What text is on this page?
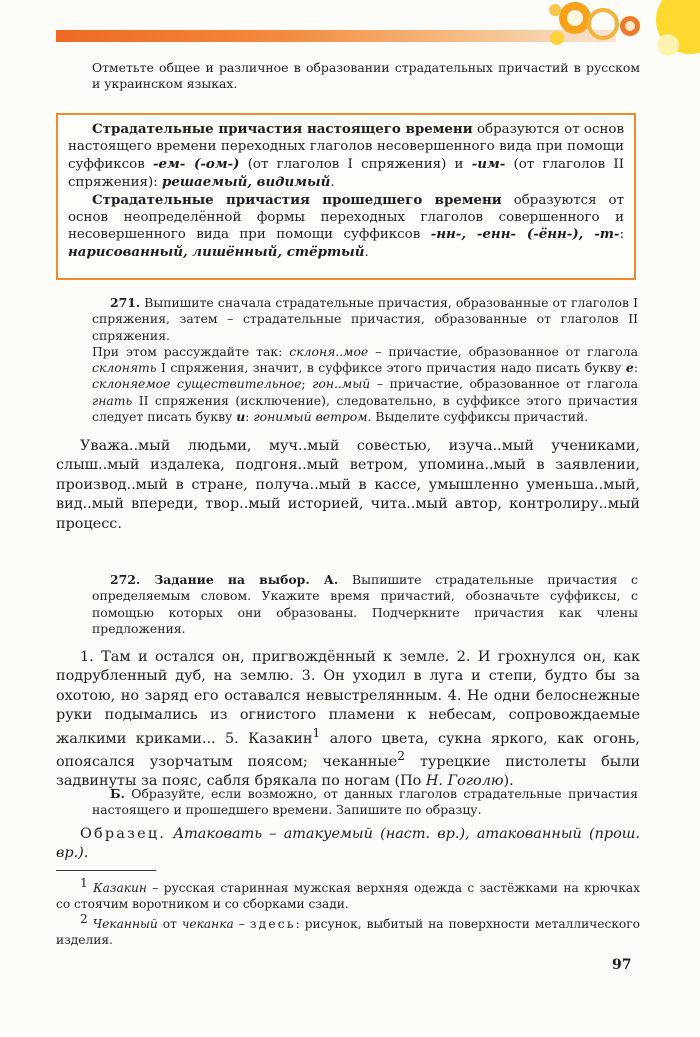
Отметьте общее и различное в образовании страдательных причастий в русском и украинском языках.

Страдательные причастия настоящего времени образуются от основ настоящего времени переходных глаголов несовершенного вида при помощи суффиксов -ем- (-ом-) (от глаголов I спряжения) и -им- (от глаголов II спряжения): решаемый, видимый.

Страдательные причастия прошедшего времени образуются от основ неопределённой формы переходных глаголов совершенного и несовершенного вида при помощи суффиксов -нн-, -енн- (-ённ-), -т-: нарисованный, лишённый, стёртый.

271. Выпишите сначала страдательные причастия, образованные от глаголов I спряжения, затем – страдательные причастия, образованные от глаголов II спряжения.

При этом рассуждайте так: склоня..мое – причастие, образованное от глагола склонять I спряжения, значит, в суффиксе этого причастия надо писать букву е: склоняемое существительное; гон..мый – причастие, образованное от глагола гнать II спряжения (исключение), следовательно, в суффиксе этого причастия следует писать букву и: гонимый ветром. Выделите суффиксы причастий.

Уважа..мый людьми, муч..мый совестью, изуча..мый учениками, слыш..мый издалека, подгоня..мый ветром, упомина..мый в заявлении, производ..мый в стране, получа..мый в кассе, умышленно уменьша..мый, вид..мый впереди, твор..мый историей, чита..мый автор, контролиру..мый процесс.

272. Задание на выбор. А. Выпишите страдательные причастия с определяемым словом. Укажите время причастий, обозначьте суффиксы, с помощью которых они образованы. Подчеркните причастия как члены предложения.

1. Там и остался он, пригвождённый к земле. 2. И грохнулся он, как подрубленный дуб, на землю. 3. Он уходил в луга и степи, будто бы за охотою, но заряд его оставался невыстрелянным. 4. Не одни белоснежные руки подымались из огнистого пламени к небесам, сопровождаемые жалкими криками... 5. Казакин$^1$ алого цвета, сукна яркого, как огонь, опоясался узорчатым поясом; чеканные$^2$ турецкие пистолеты были задвинуты за пояс, сабля брякала по ногам (По Н. Гоголю).

Б. Образуйте, если возможно, от данных глаголов страдательные причастия настоящего и прошедшего времени. Запишите по образцу.

Образец. Атаковать – атакуемый (наст. вр.), атакованный (прош. вр.).

$^1$ Казакин – русская старинная мужская верхняя одежда с застёжками на крючках со стоячим воротником и со сборками сзади.

$^2$ Чеканный от чеканка – здесь: рисунок, выбитый на поверхности металлического изделия.

97
